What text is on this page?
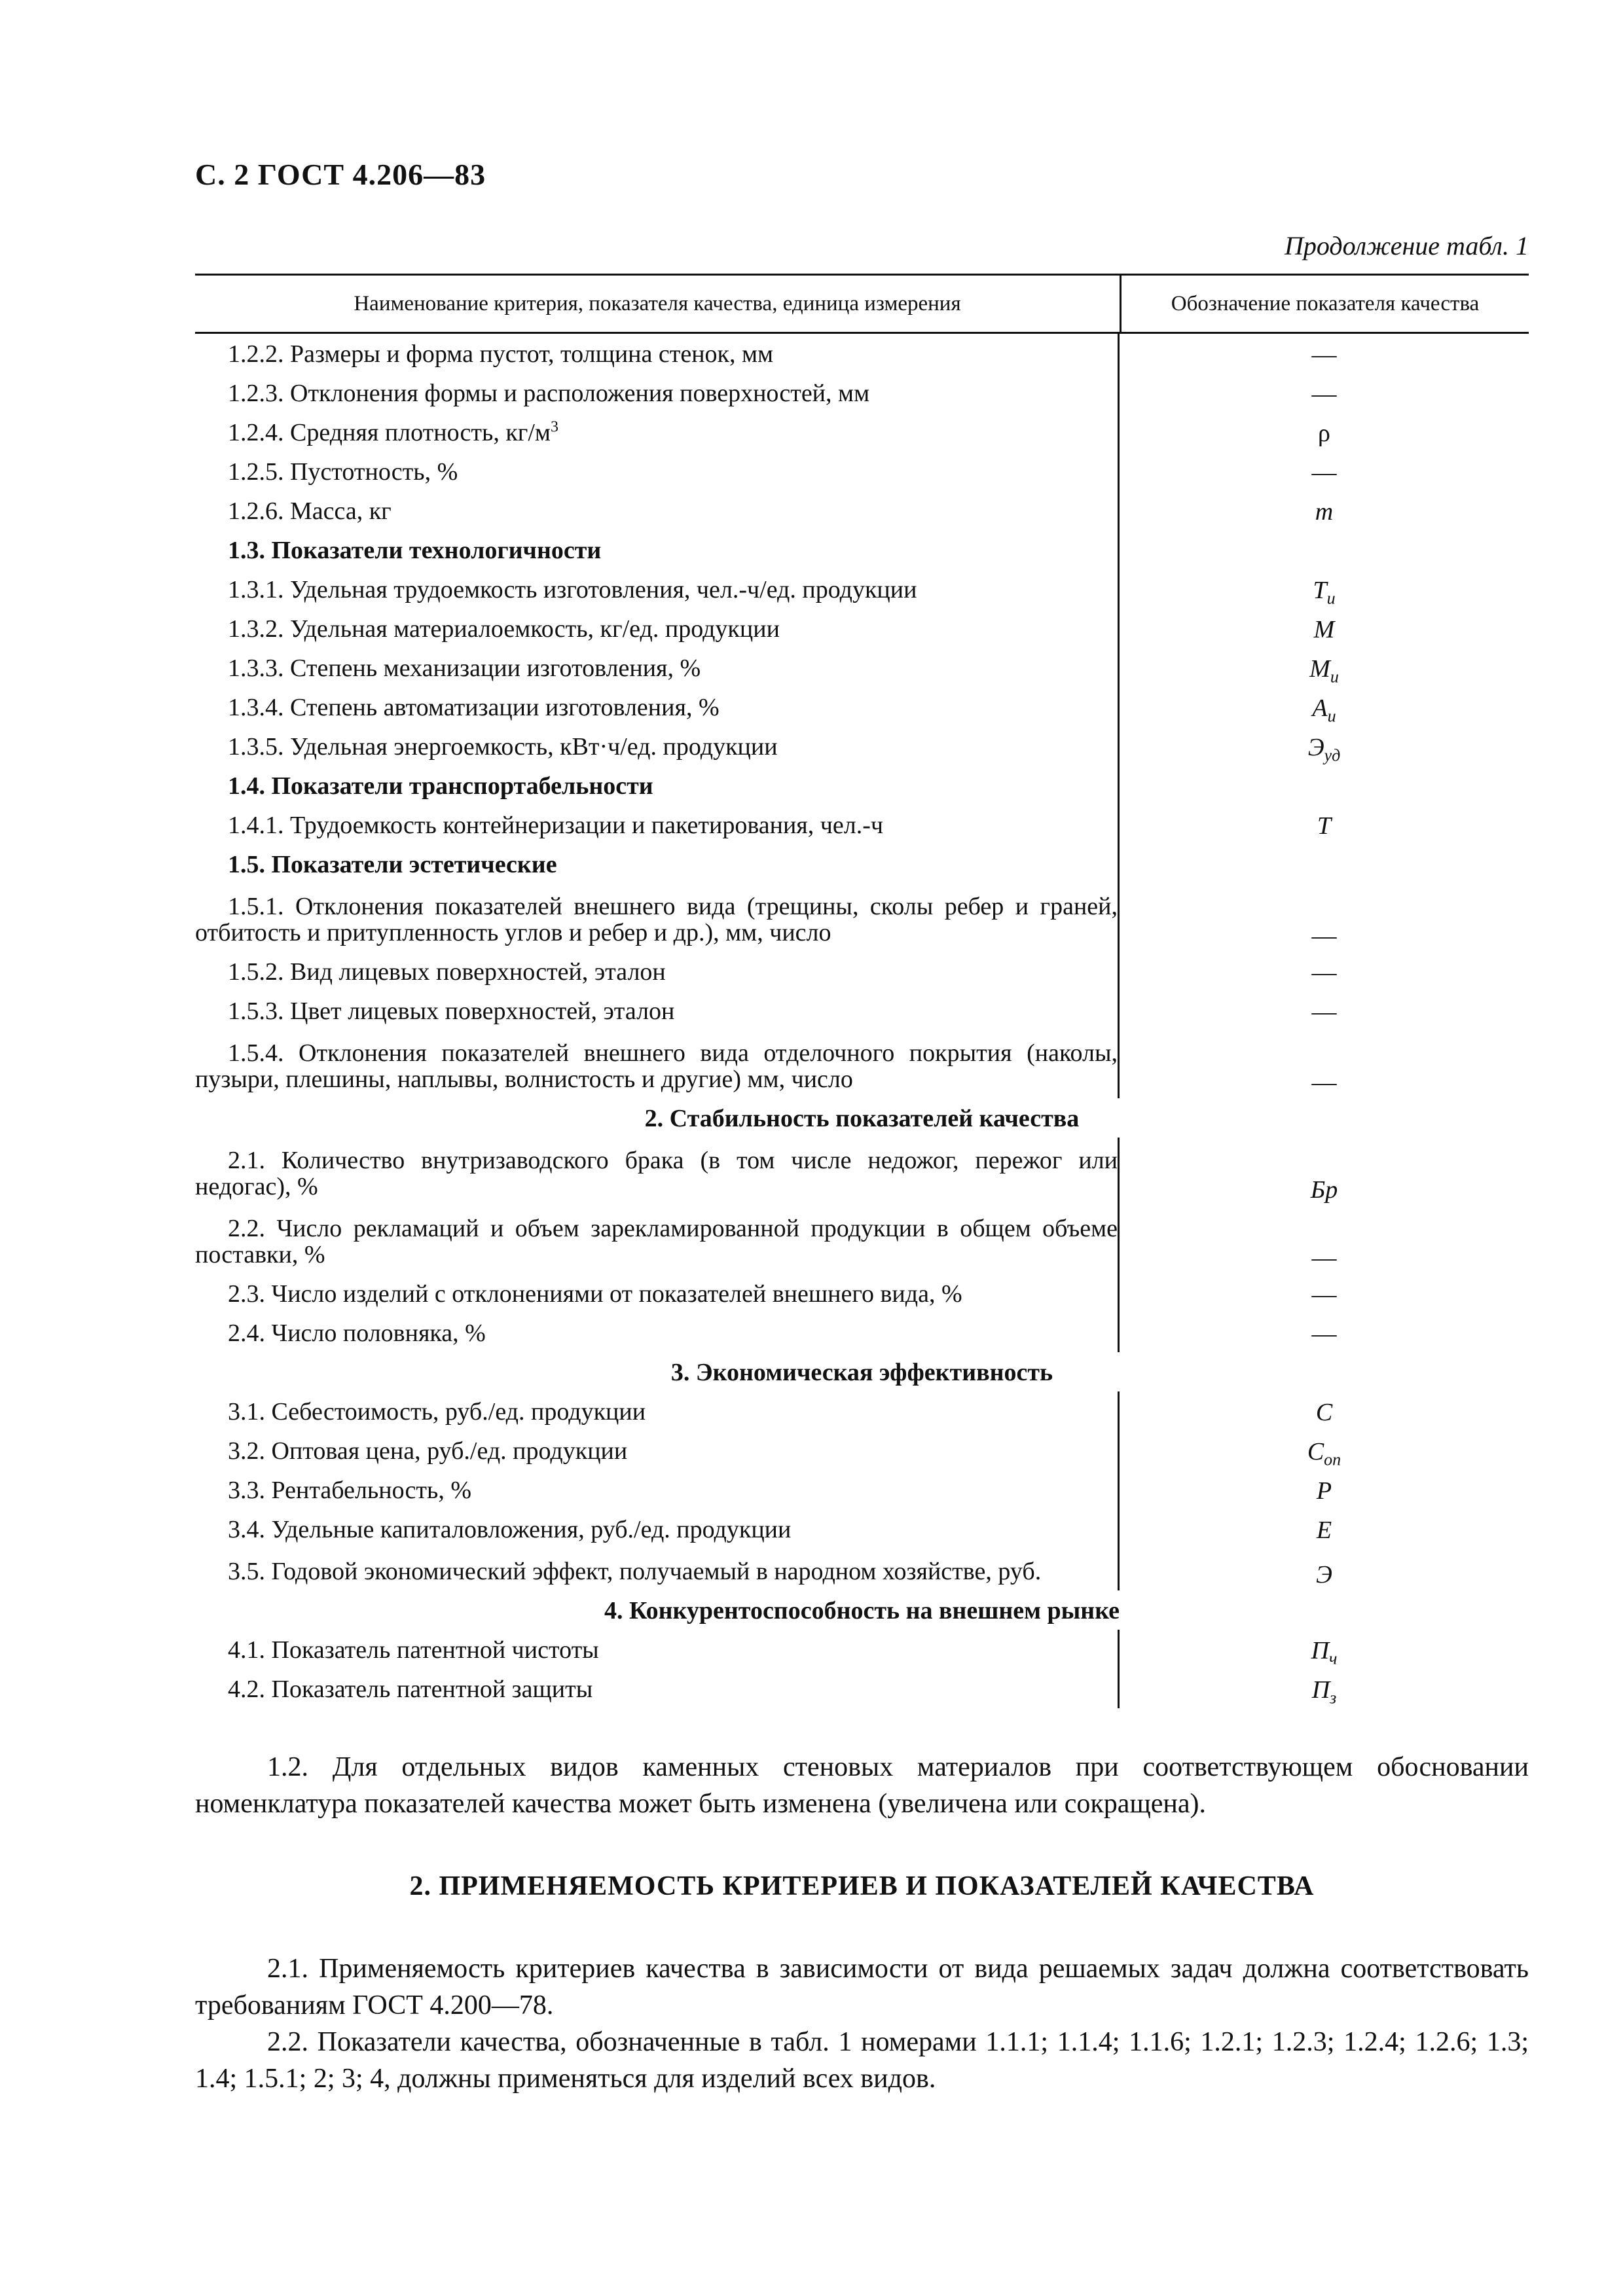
С. 2 ГОСТ 4.206—83
Продолжение табл. 1
Наименование критерия, показателя качества, единица измерения	Обозначение показателя качества
1.2.2. Размеры и форма пустот, толщина стенок, мм	—
1.2.3. Отклонения формы и расположения поверхностей, мм	—
1.2.4. Средняя плотность, $кг/м^3$	ρ
1.2.5. Пустотность, %	—
1.2.6. Масса, кг	m
1.3. Показатели технологичности
1.3.1. Удельная трудоемкость изготовления, чел.-ч/ед. продукции	$T_и$
1.3.2. Удельная материалоемкость, кг/ед. продукции	M
1.3.3. Степень механизации изготовления, %	$M_и$
1.3.4. Степень автоматизации изготовления, %	$A_и$
1.3.5. Удельная энергоемкость, кВт·ч/ед. продукции	$Э_{уд}$
1.4. Показатели транспортабельности
1.4.1. Трудоемкость контейнеризации и пакетирования, чел.-ч	T
1.5. Показатели эстетические
1.5.1. Отклонения показателей внешнего вида (трещины, сколы ребер и граней, отбитость и притупленность углов и ребер и др.), мм, число	—
1.5.2. Вид лицевых поверхностей, эталон	—
1.5.3. Цвет лицевых поверхностей, эталон	—
1.5.4. Отклонения показателей внешнего вида отделочного покрытия (наколы, пузыри, плешины, наплывы, волнистость и другие) мм, число	—
2. Стабильность показателей качества
2.1. Количество внутризаводского брака (в том числе недожог, пережог или недогас), %	Бр
2.2. Число рекламаций и объем зарекламированной продукции в общем объеме поставки, %	—
2.3. Число изделий с отклонениями от показателей внешнего вида, %	—
2.4. Число половняка, %	—
3. Экономическая эффективность
3.1. Себестоимость, руб./ед. продукции	C
3.2. Оптовая цена, руб./ед. продукции	$C_{оп}$
3.3. Рентабельность, %	P
3.4. Удельные капиталовложения, руб./ед. продукции	E
3.5. Годовой экономический эффект, получаемый в народном хозяйстве, руб.	Э
4. Конкурентоспособность на внешнем рынке
4.1. Показатель патентной чистоты	$П_ч$
4.2. Показатель патентной защиты	$П_з$
1.2. Для отдельных видов каменных стеновых материалов при соответствующем обосновании номенклатура показателей качества может быть изменена (увеличена или сокращена).
2. ПРИМЕНЯЕМОСТЬ КРИТЕРИЕВ И ПОКАЗАТЕЛЕЙ КАЧЕСТВА
2.1. Применяемость критериев качества в зависимости от вида решаемых задач должна соответствовать требованиям ГОСТ 4.200—78.
2.2. Показатели качества, обозначенные в табл. 1 номерами 1.1.1; 1.1.4; 1.1.6; 1.2.1; 1.2.3; 1.2.4; 1.2.6; 1.3; 1.4; 1.5.1; 2; 3; 4, должны применяться для изделий всех видов.
